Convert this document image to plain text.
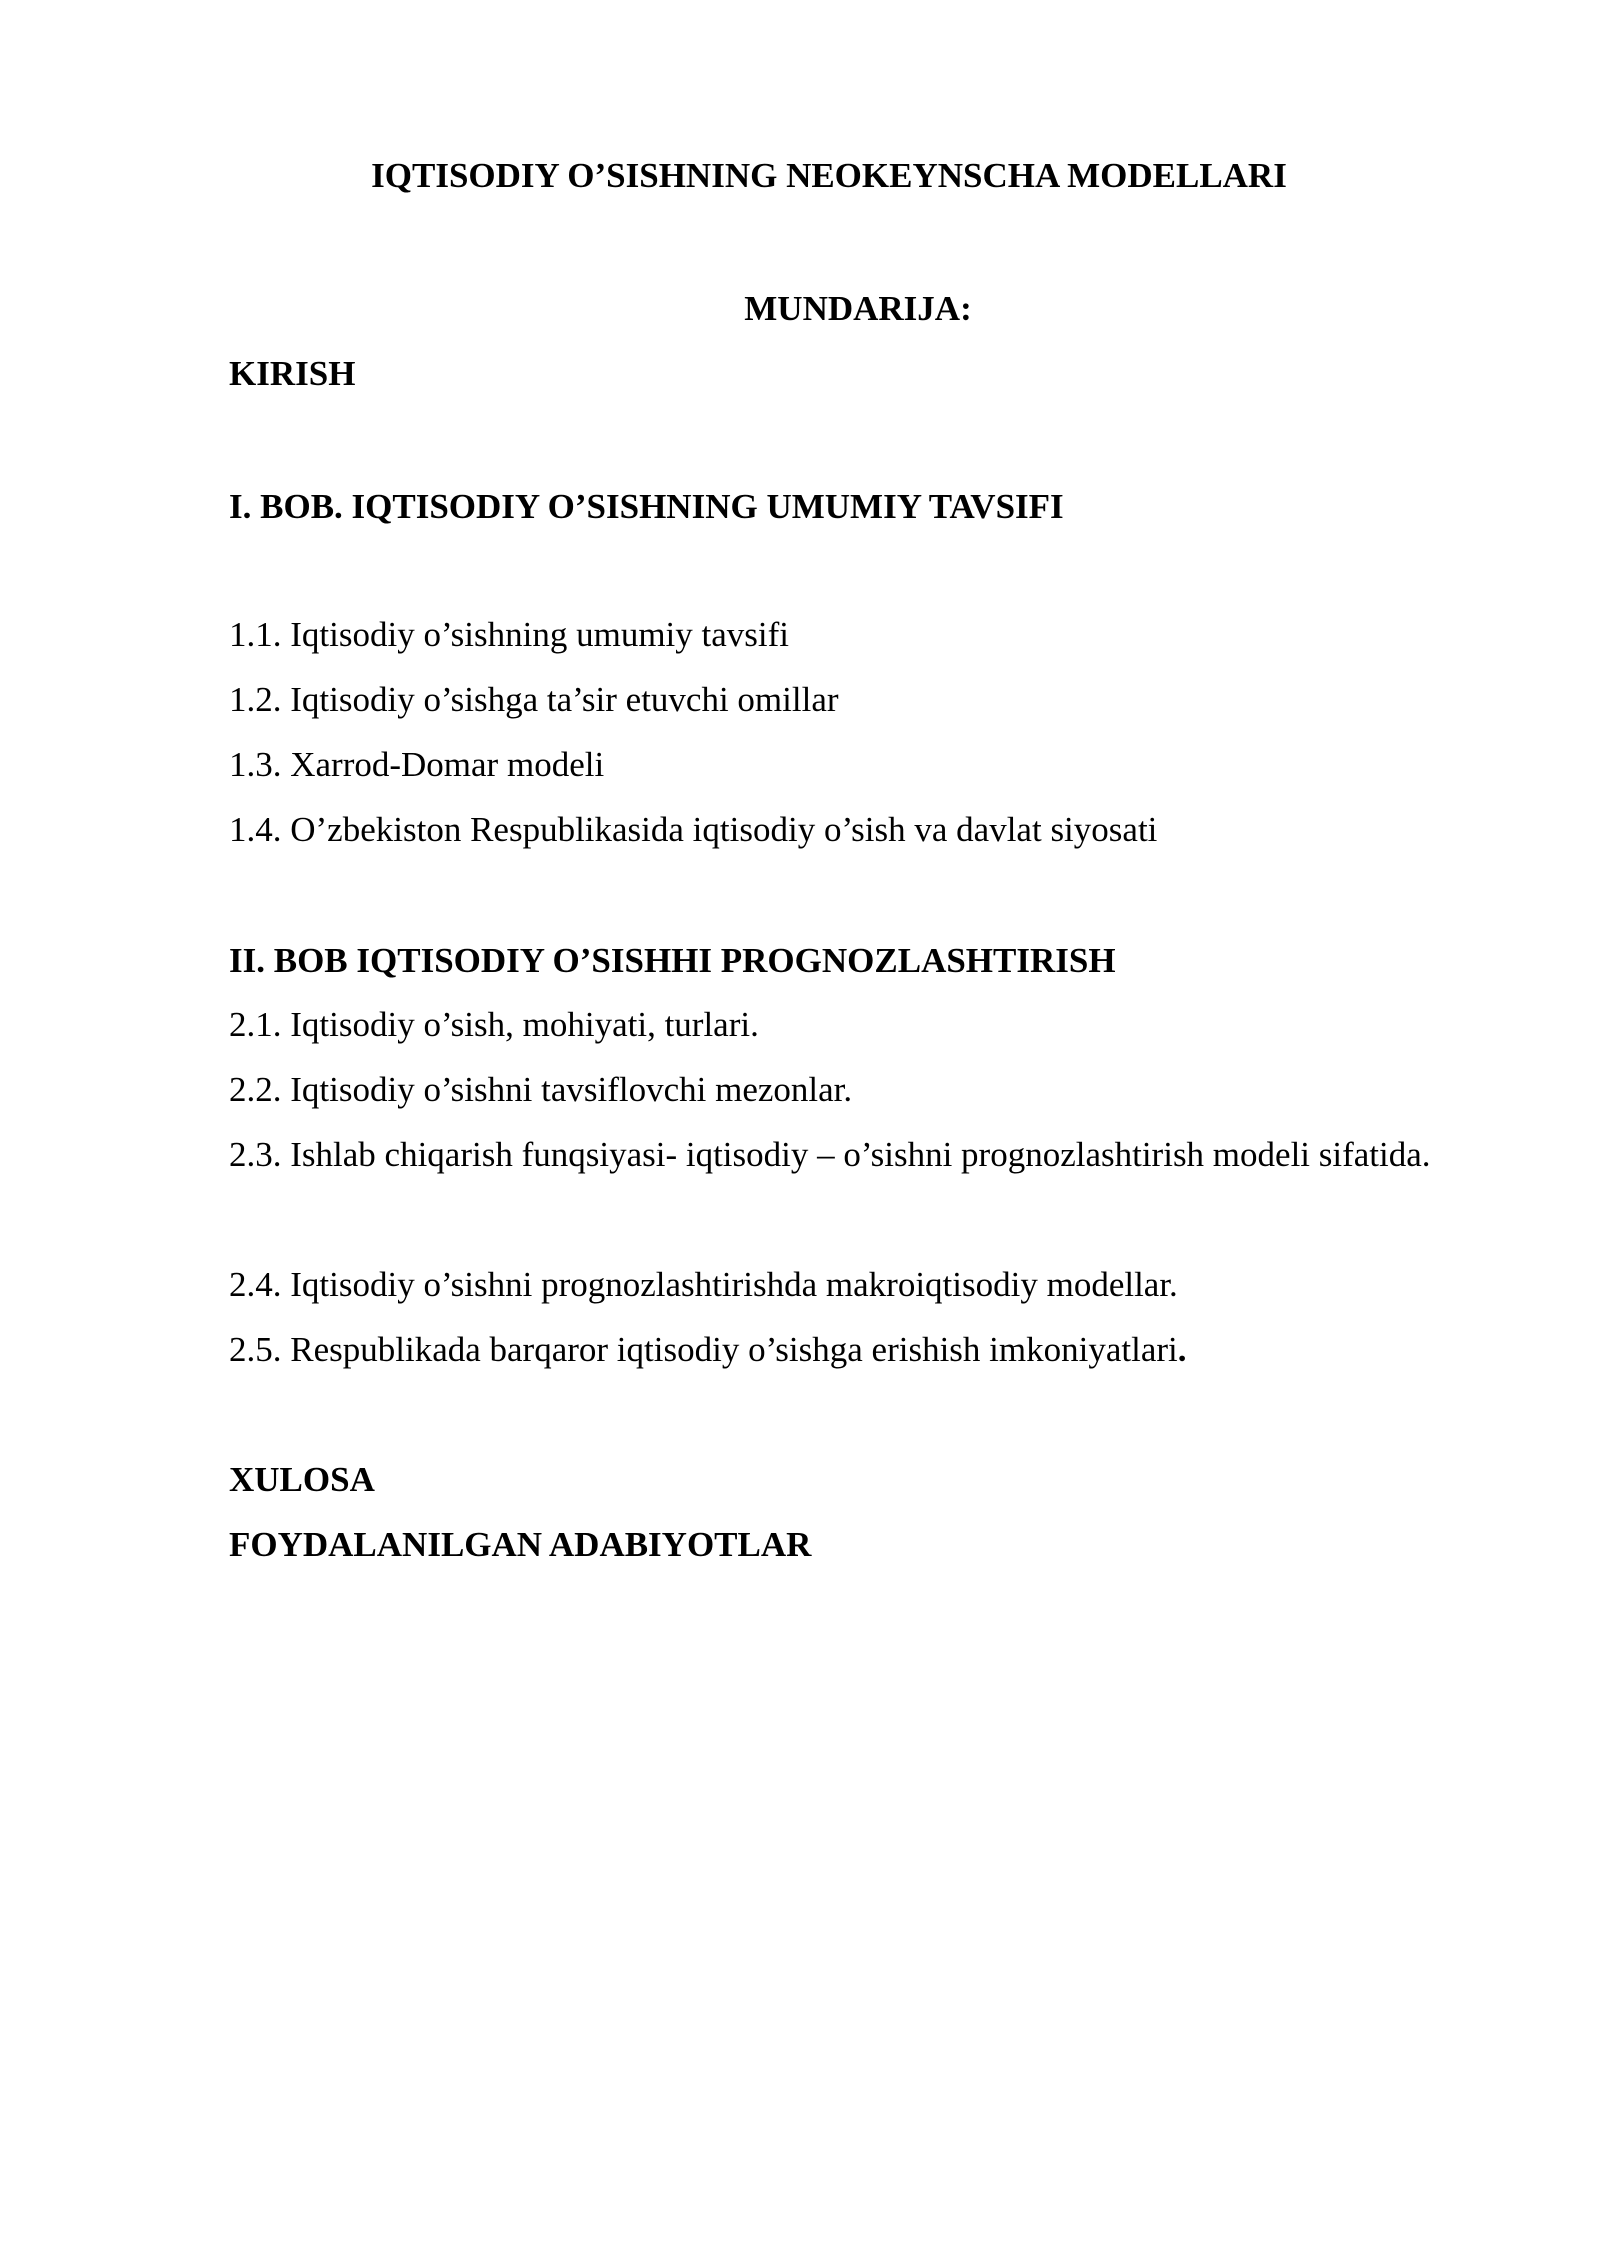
IQTISODIY O’SISHNING NEOKEYNSCHA MODELLARI
MUNDARIJA:
KIRISH
I. BOB. IQTISODIY O’SISHNING UMUMIY TAVSIFI
1.1. Iqtisodiy o’sishning umumiy tavsifi
1.2. Iqtisodiy o’sishga ta’sir etuvchi omillar
1.3. Xarrod-Domar modeli
1.4. O’zbekiston Respublikasida iqtisodiy o’sish va davlat siyosati
II. BOB IQTISODIY O’SISHHI PROGNOZLASHTIRISH
2.1. Iqtisodiy o’sish, mohiyati, turlari.
2.2. Iqtisodiy o’sishni tavsiflovchi mezonlar.
2.3. Ishlab chiqarish funqsiyasi- iqtisodiy – o’sishni prognozlashtirish modeli sifatida.
2.4. Iqtisodiy o’sishni prognozlashtirishda makroiqtisodiy modellar.
2.5. Respublikada barqaror iqtisodiy o’sishga erishish imkoniyatlari.
XULOSA
FOYDALANILGAN ADABIYOTLAR
